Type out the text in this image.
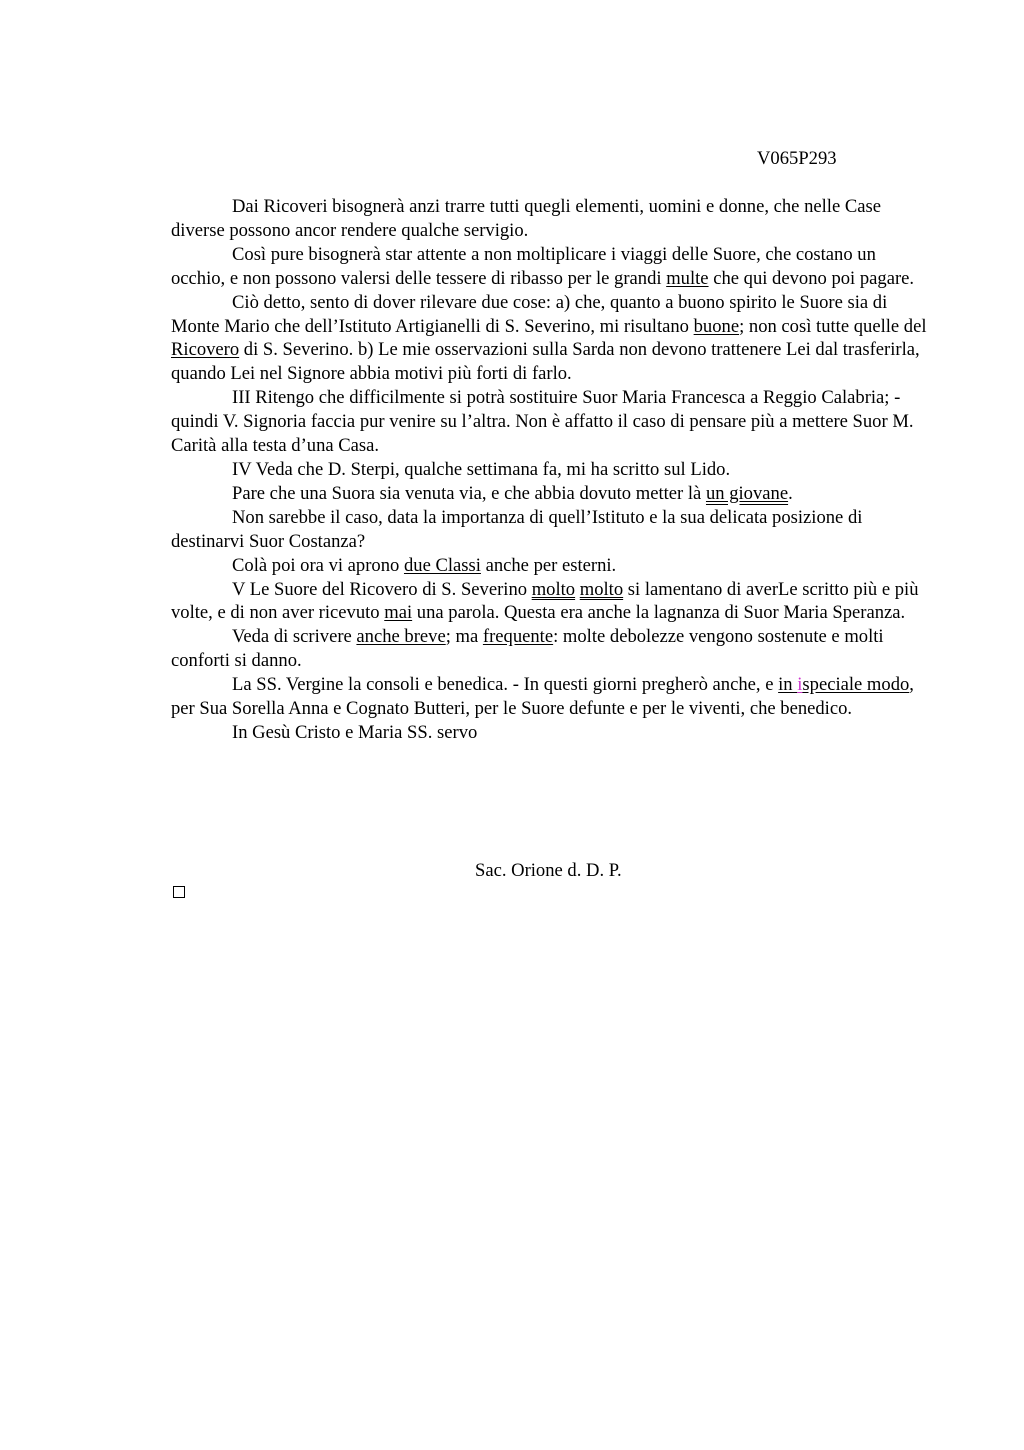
V065P293

Dai Ricoveri bisognerà anzi trarre tutti quegli elementi, uomini e donne, che nelle Case diverse possono ancor rendere qualche servigio.

Così pure bisognerà star attente a non moltiplicare i viaggi delle Suore, che costano un occhio, e non possono valersi delle tessere di ribasso per le grandi multe che qui devono poi pagare.

Ciò detto, sento di dover rilevare due cose: a) che, quanto a buono spirito le Suore sia di Monte Mario che dell’Istituto Artigianelli di S. Severino, mi risultano buone; non così tutte quelle del Ricovero di S. Severino. b) Le mie osservazioni sulla Sarda non devono trattenere Lei dal trasferirla, quando Lei nel Signore abbia motivi più forti di farlo.

III Ritengo che difficilmente si potrà sostituire Suor Maria Francesca a Reggio Calabria; - quindi V. Signoria faccia pur venire su l’altra. Non è affatto il caso di pensare più a mettere Suor M. Carità alla testa d’una Casa.

IV Veda che D. Sterpi, qualche settimana fa, mi ha scritto sul Lido.

Pare che una Suora sia venuta via, e che abbia dovuto metter là un giovane.

Non sarebbe il caso, data la importanza di quell’Istituto e la sua delicata posizione di destinarvi Suor Costanza?

Colà poi ora vi aprono due Classi anche per esterni.

V Le Suore del Ricovero di S. Severino molto molto si lamentano di averLe scritto più e più volte, e di non aver ricevuto mai una parola. Questa era anche la lagnanza di Suor Maria Speranza.

Veda di scrivere anche breve; ma frequente: molte debolezze vengono sostenute e molti conforti si danno.

La SS. Vergine la consoli e benedica. - In questi giorni pregherò anche, e in ispeciale modo, per Sua Sorella Anna e Cognato Butteri, per le Suore defunte e per le viventi, che benedico.

In Gesù Cristo e Maria SS. servo

Sac. Orione d. D. P.
